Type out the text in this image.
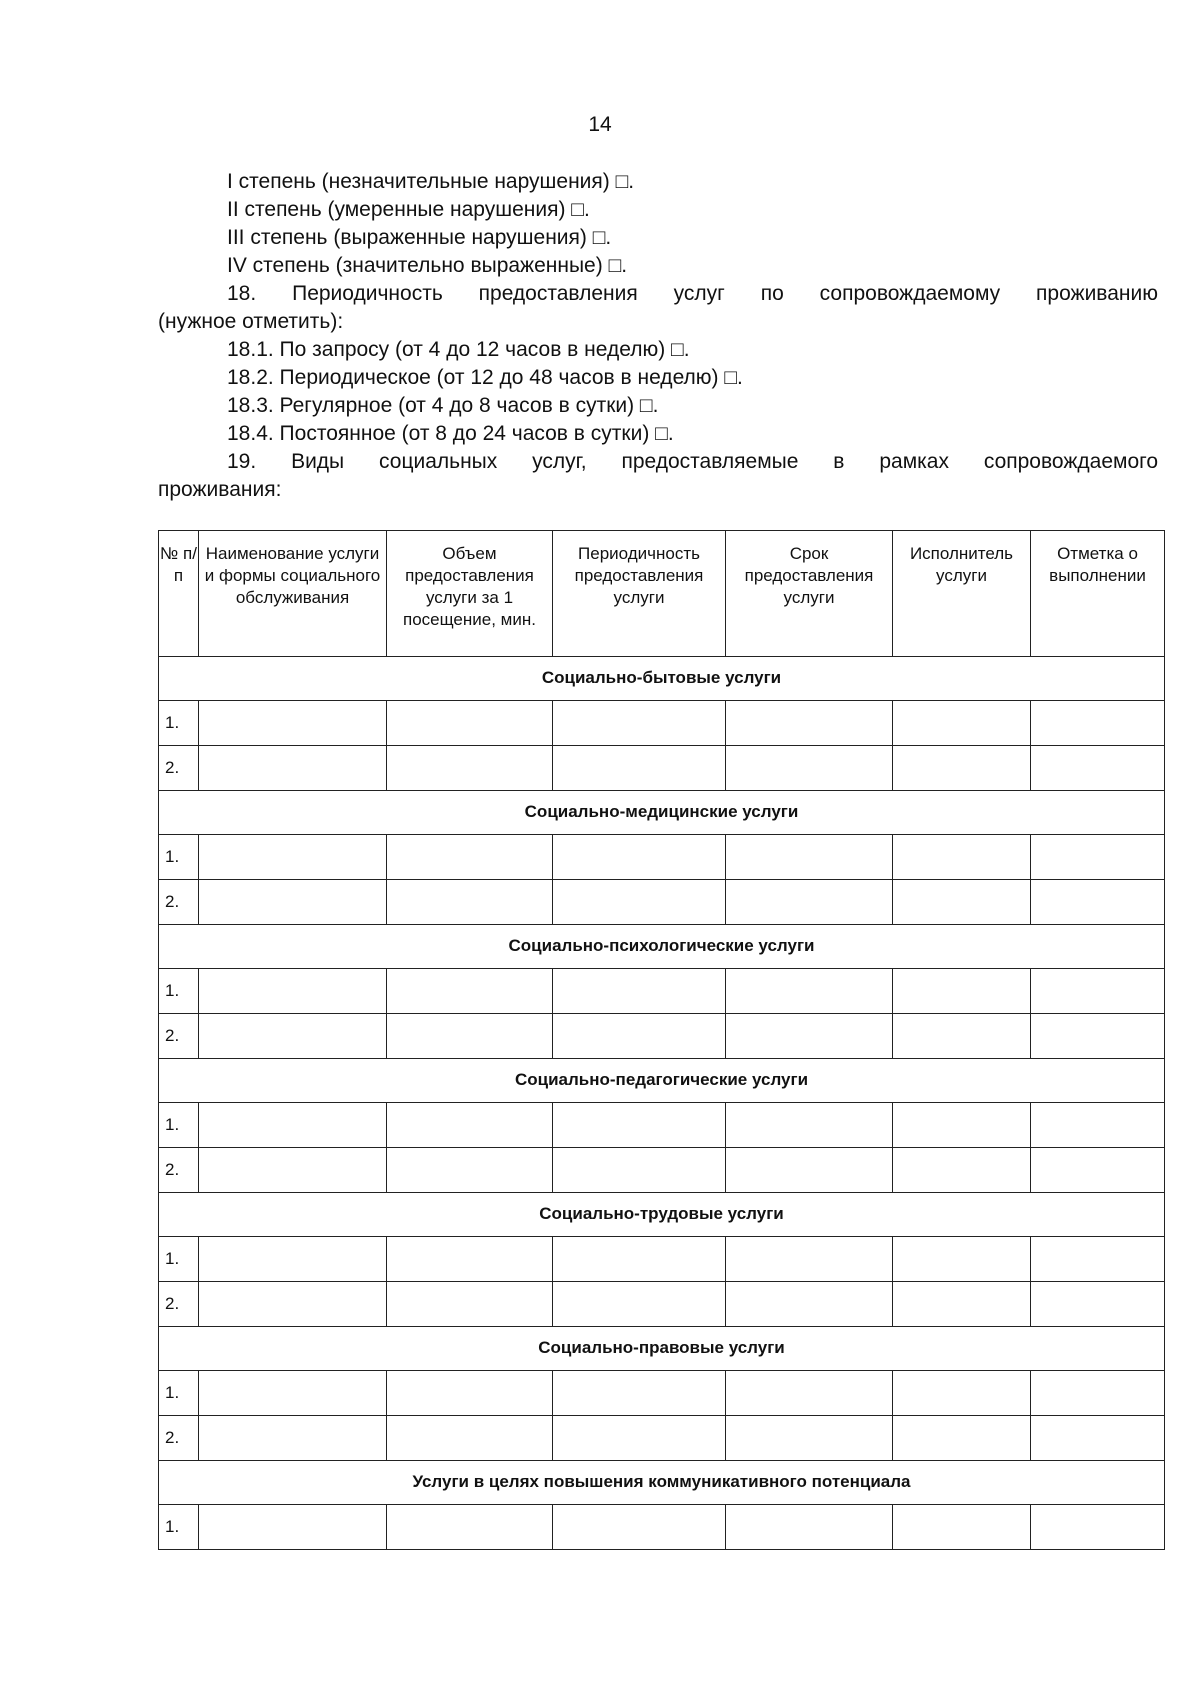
14

I степень (незначительные нарушения) □.

II степень (умеренные нарушения) □.

III степень (выраженные нарушения) □.

IV степень (значительно выраженные) □.

18. Периодичность предоставления услуг по сопровождаемому проживанию

(нужное отметить):

18.1. По запросу (от 4 до 12 часов в неделю) □.

18.2. Периодическое (от 12 до 48 часов в неделю) □.

18.3. Регулярное (от 4 до 8 часов в сутки) □.

18.4. Постоянное (от 8 до 24 часов в сутки) □.

19. Виды социальных услуг, предоставляемые в рамках сопровождаемого

проживания:

№ п/п	Наименование услуги и формы социального обслуживания	Объем предоставления услуги за 1 посещение, мин.	Периодичность предоставления услуги	Срок предоставления услуги	Исполнитель услуги	Отметка о выполнении
Социально-бытовые услуги						
1.						
2.						
Социально-медицинские услуги						
1.						
2.						
Социально-психологические услуги						
1.						
2.						
Социально-педагогические услуги						
1.						
2.						
Социально-трудовые услуги						
1.						
2.						
Социально-правовые услуги						
1.						
2.						
Услуги в целях повышения коммуникативного потенциала						
1.						
